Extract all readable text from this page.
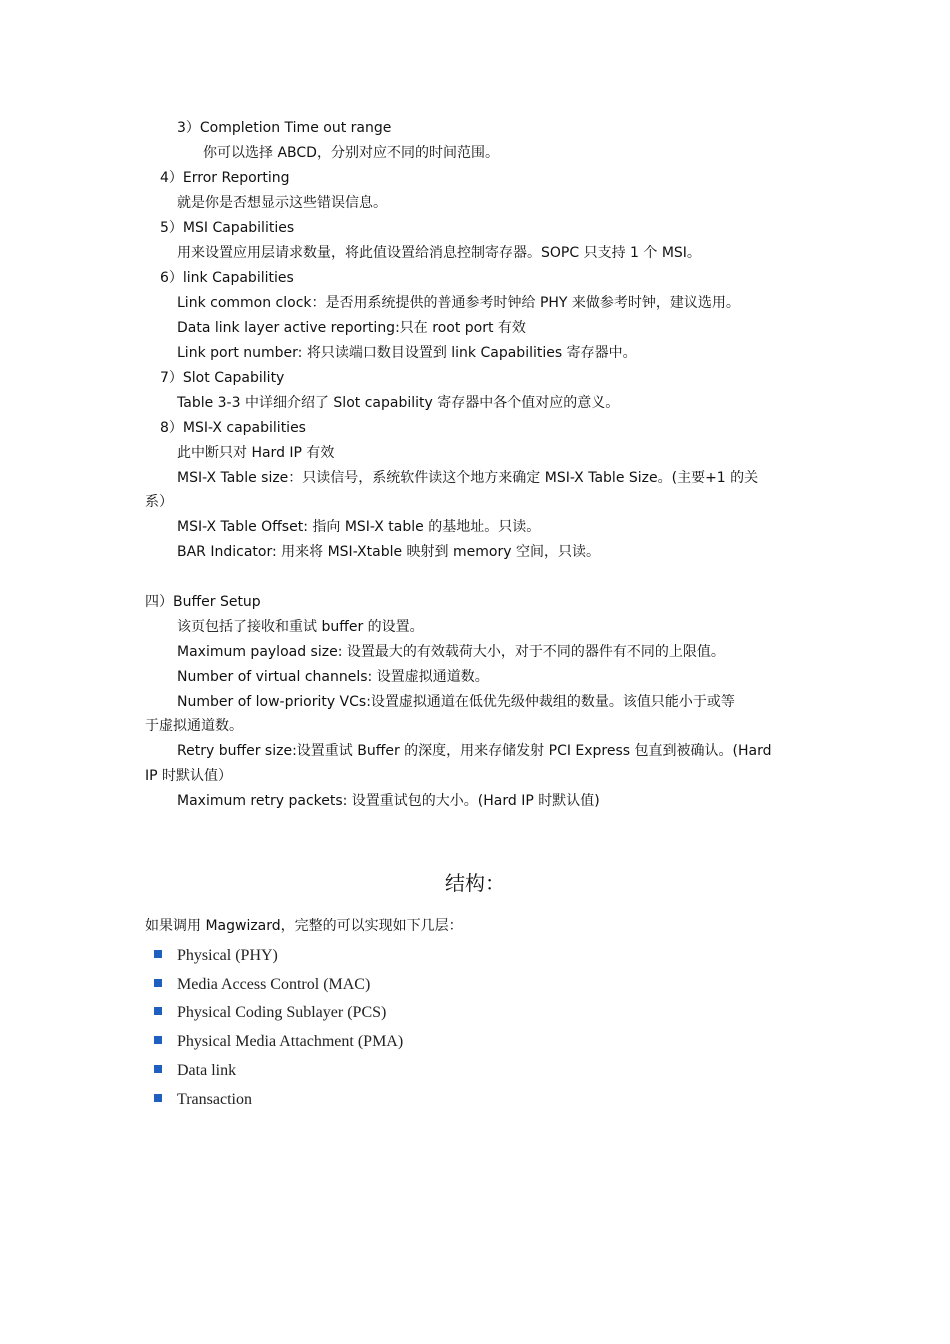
3）Completion Time out range
你可以选择 ABCD，分别对应不同的时间范围。
4）Error Reporting
就是你是否想显示这些错误信息。
5）MSI Capabilities
用来设置应用层请求数量，将此值设置给消息控制寄存器。SOPC 只支持 1 个 MSI。
6）link Capabilities
Link common clock：是否用系统提供的普通参考时钟给 PHY 来做参考时钟，建议选用。
Data link layer active reporting:只在 root port 有效
Link port number: 将只读端口数目设置到 link Capabilities 寄存器中。
7）Slot Capability
Table 3-3 中详细介绍了 Slot capability 寄存器中各个值对应的意义。
8）MSI-X capabilities
此中断只对 Hard IP 有效
MSI-X Table size：只读信号，系统软件读这个地方来确定 MSI-X Table Size。(主要+1 的关
系）
MSI-X Table Offset: 指向 MSI-X table 的基地址。只读。
BAR Indicator: 用来将 MSI-Xtable 映射到 memory 空间，只读。
四）Buffer Setup
该页包括了接收和重试 buffer 的设置。
Maximum payload size: 设置最大的有效载荷大小，对于不同的器件有不同的上限值。
Number of virtual channels: 设置虚拟通道数。
Number of low-priority VCs:设置虚拟通道在低优先级仲裁组的数量。该值只能小于或等
于虚拟通道数。
Retry buffer size:设置重试 Buffer 的深度，用来存储发射 PCI Express 包直到被确认。(Hard
IP 时默认值）
Maximum retry packets: 设置重试包的大小。(Hard IP 时默认值)
结构：
如果调用 Magwizard，完整的可以实现如下几层：
Physical (PHY)
Media Access Control (MAC)
Physical Coding Sublayer (PCS)
Physical Media Attachment (PMA)
Data link
Transaction
